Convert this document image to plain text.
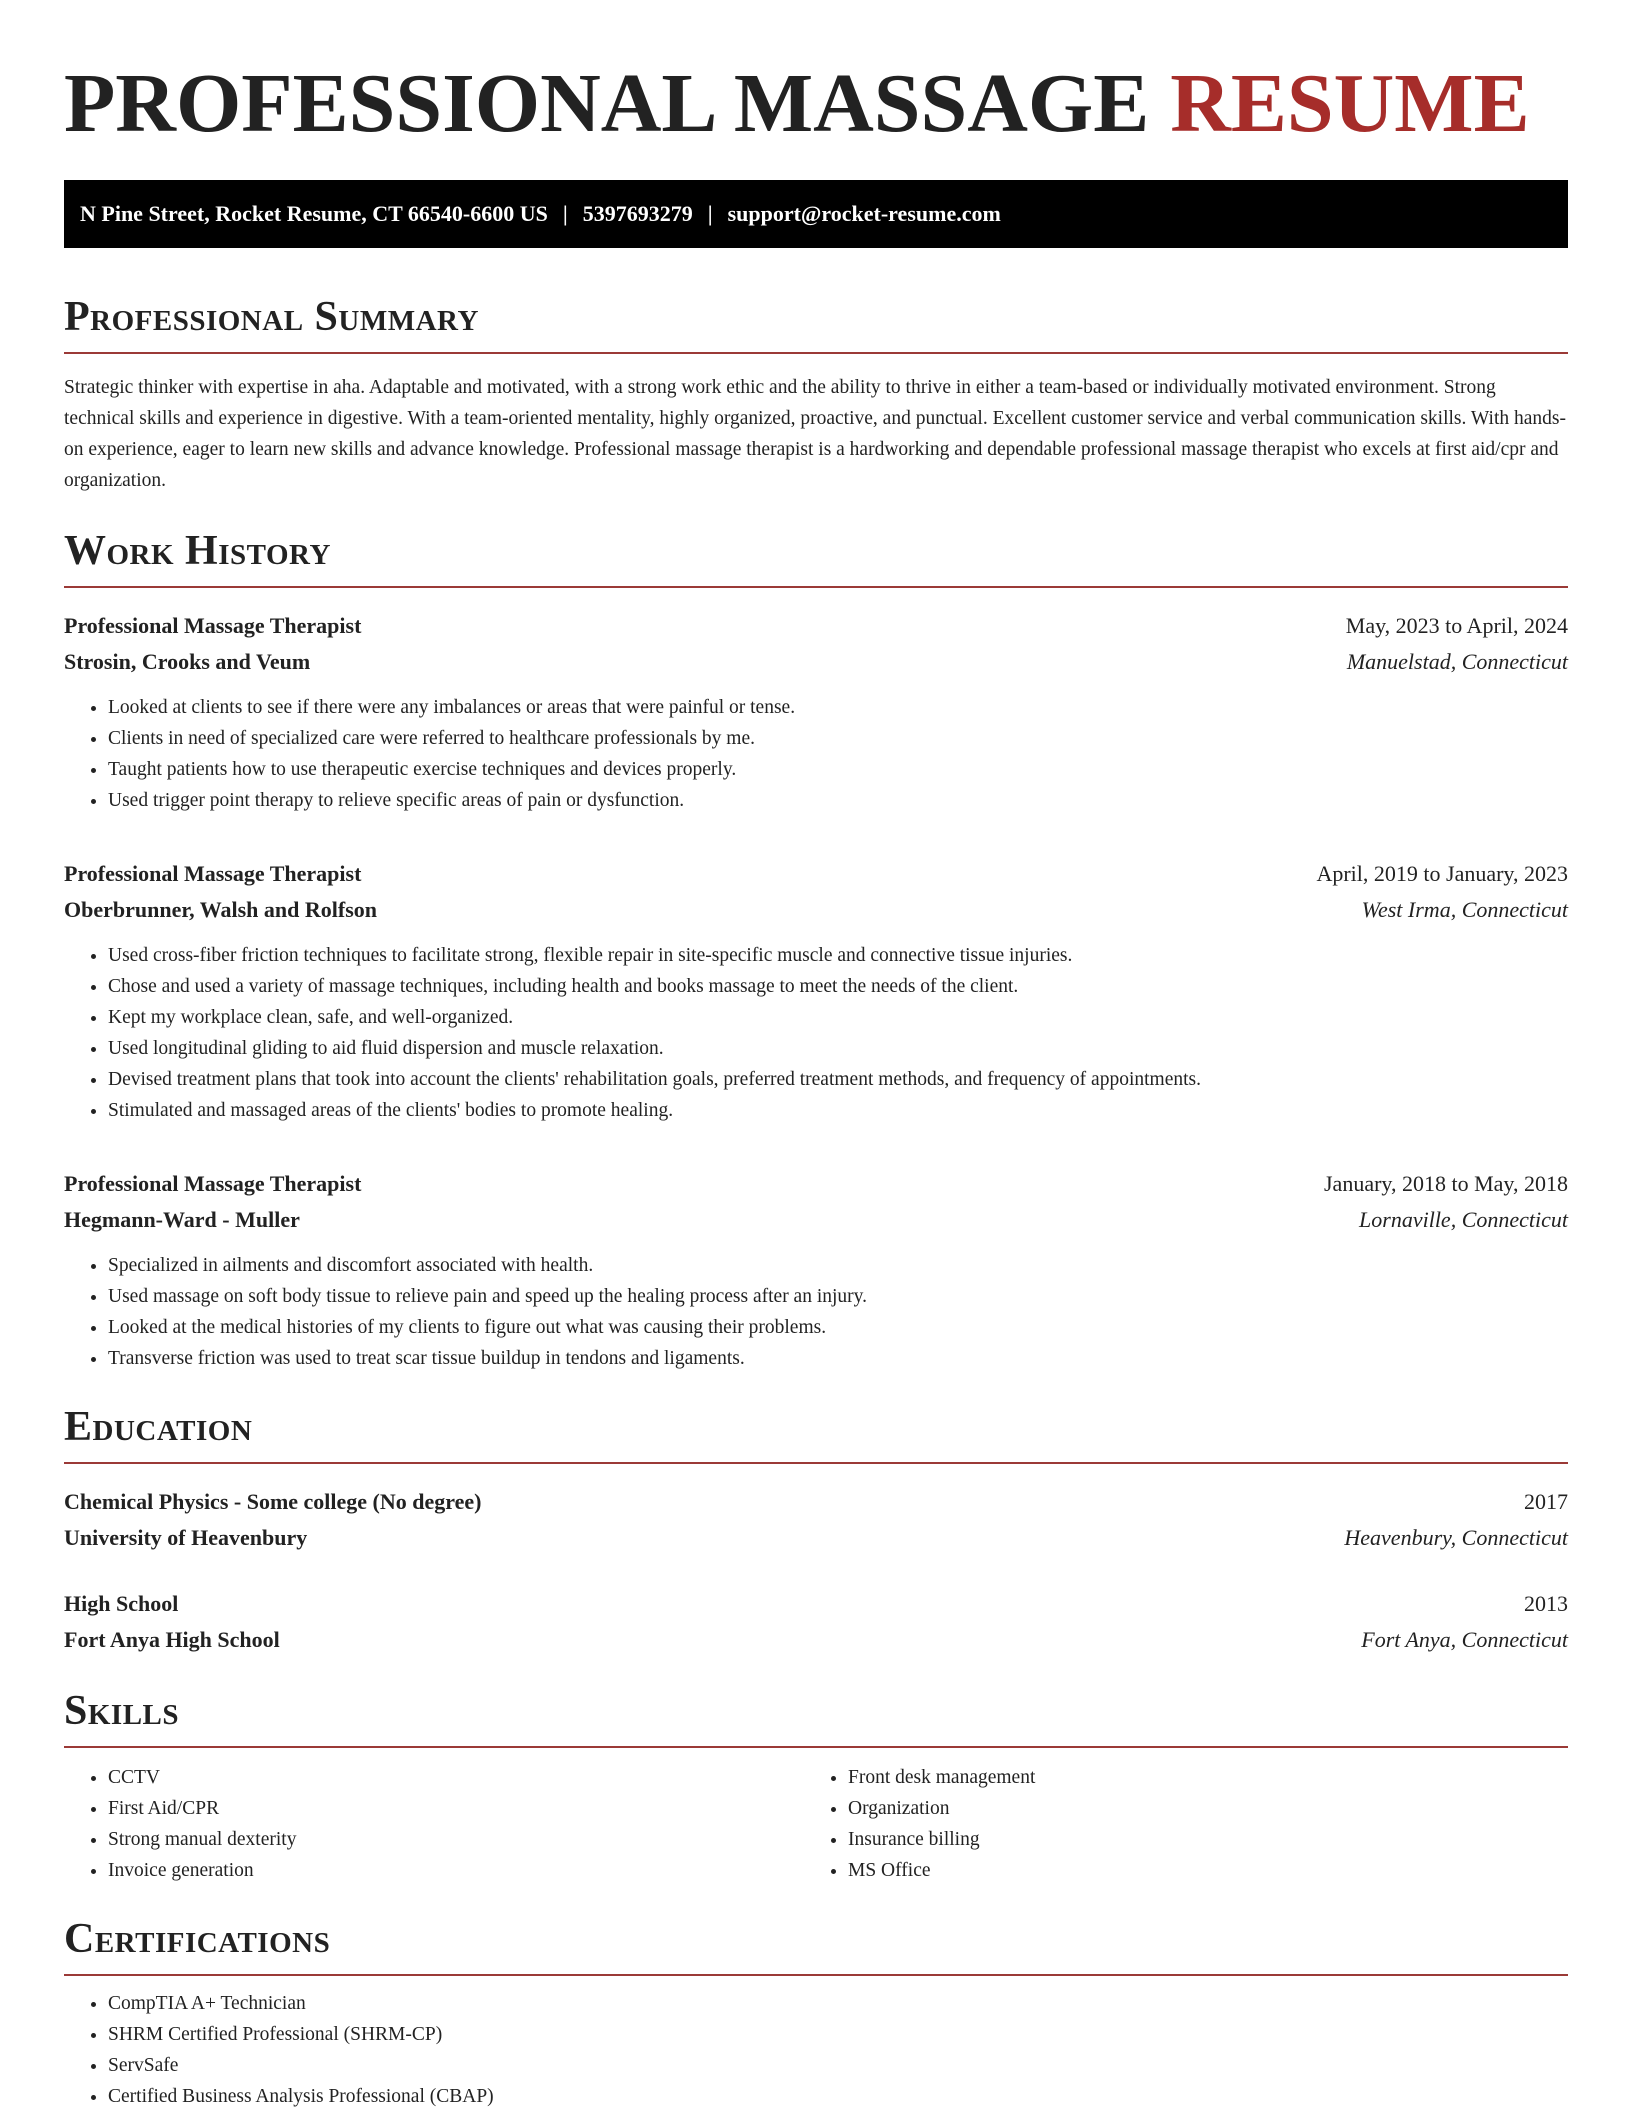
PROFESSIONAL MASSAGE RESUME
N Pine Street, Rocket Resume, CT 66540-6600 US | 5397693279 | support@rocket-resume.com
Professional Summary

Strategic thinker with expertise in aha. Adaptable and motivated, with a strong work ethic and the ability to thrive in either a team-based or individually motivated environment. Strong technical skills and experience in digestive. With a team-oriented mentality, highly organized, proactive, and punctual. Excellent customer service and verbal communication skills. With hands-on experience, eager to learn new skills and advance knowledge. Professional massage therapist is a hardworking and dependable professional massage therapist who excels at first aid/cpr and organization.

Work History
Professional Massage Therapist	May, 2023 to April, 2024
Strosin, Crooks and Veum	Manuelstad, Connecticut
• Looked at clients to see if there were any imbalances or areas that were painful or tense.
• Clients in need of specialized care were referred to healthcare professionals by me.
• Taught patients how to use therapeutic exercise techniques and devices properly.
• Used trigger point therapy to relieve specific areas of pain or dysfunction.
Professional Massage Therapist	April, 2019 to January, 2023
Oberbrunner, Walsh and Rolfson	West Irma, Connecticut
• Used cross-fiber friction techniques to facilitate strong, flexible repair in site-specific muscle and connective tissue injuries.
• Chose and used a variety of massage techniques, including health and books massage to meet the needs of the client.
• Kept my workplace clean, safe, and well-organized.
• Used longitudinal gliding to aid fluid dispersion and muscle relaxation.
• Devised treatment plans that took into account the clients' rehabilitation goals, preferred treatment methods, and frequency of appointments.
• Stimulated and massaged areas of the clients' bodies to promote healing.
Professional Massage Therapist	January, 2018 to May, 2018
Hegmann-Ward - Muller	Lornaville, Connecticut
• Specialized in ailments and discomfort associated with health.
• Used massage on soft body tissue to relieve pain and speed up the healing process after an injury.
• Looked at the medical histories of my clients to figure out what was causing their problems.
• Transverse friction was used to treat scar tissue buildup in tendons and ligaments.
Education
Chemical Physics - Some college (No degree)	2017
University of Heavenbury	Heavenbury, Connecticut
High School	2013
Fort Anya High School	Fort Anya, Connecticut
Skills
• CCTV
• First Aid/CPR
• Strong manual dexterity
• Invoice generation
• Front desk management
• Organization
• Insurance billing
• MS Office
Certifications
• CompTIA A+ Technician
• SHRM Certified Professional (SHRM-CP)
• ServSafe
• Certified Business Analysis Professional (CBAP)
